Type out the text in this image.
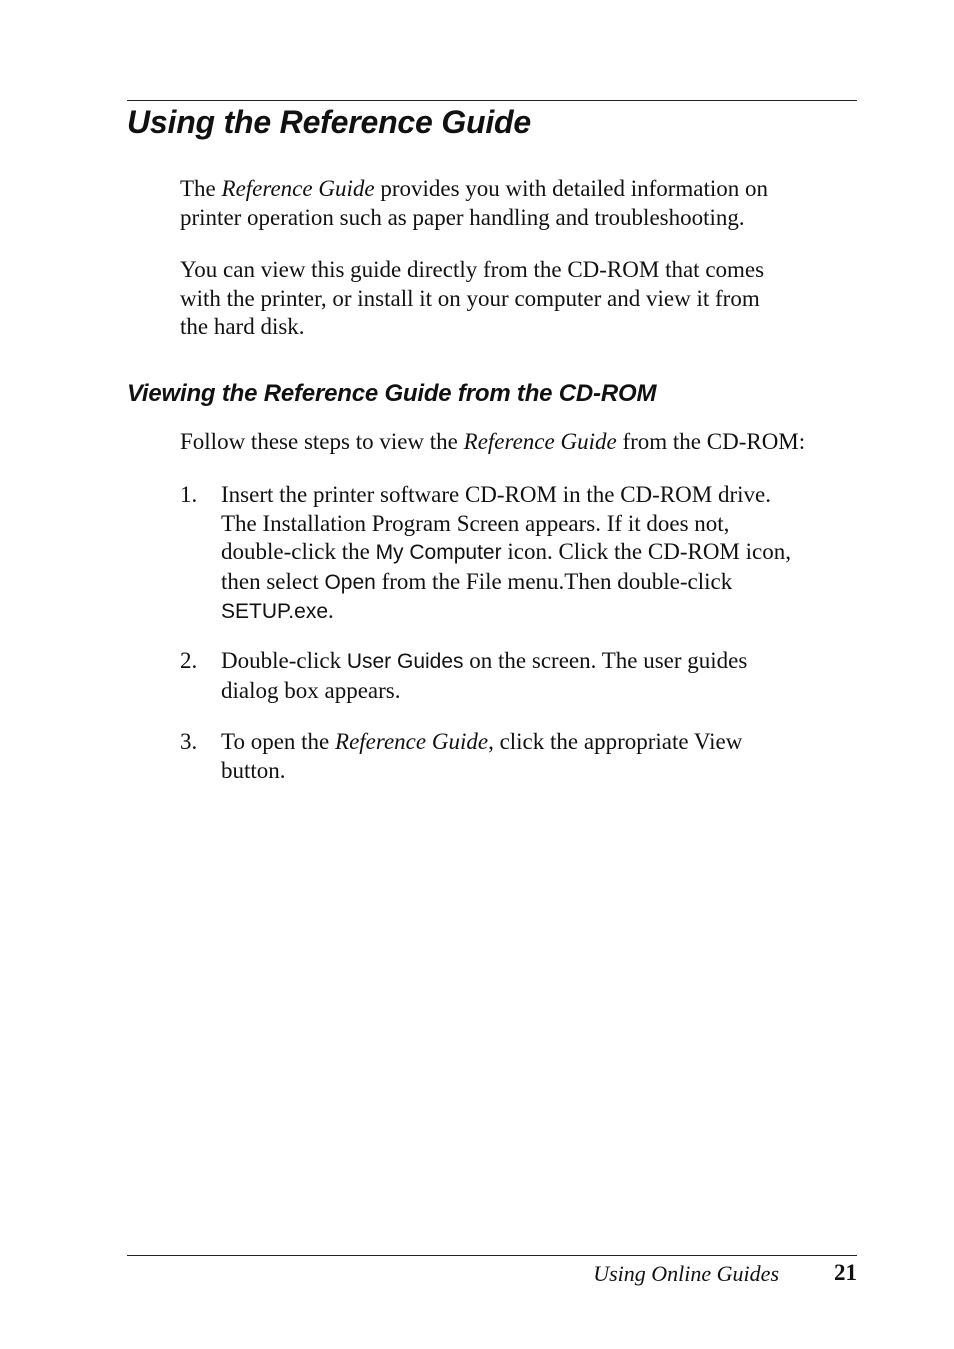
Using the Reference Guide

The Reference Guide provides you with detailed information on
printer operation such as paper handling and troubleshooting.

You can view this guide directly from the CD-ROM that comes
with the printer, or install it on your computer and view it from
the hard disk.

Viewing the Reference Guide from the CD-ROM

Follow these steps to view the Reference Guide from the CD-ROM:

1. Insert the printer software CD-ROM in the CD-ROM drive.
The Installation Program Screen appears. If it does not,
double-click the My Computer icon. Click the CD-ROM icon,
then select Open from the File menu.Then double-click
SETUP.exe.
2. Double-click User Guides on the screen. The user guides
dialog box appears.
3. To open the Reference Guide, click the appropriate View
button.
Using Online Guides 21
